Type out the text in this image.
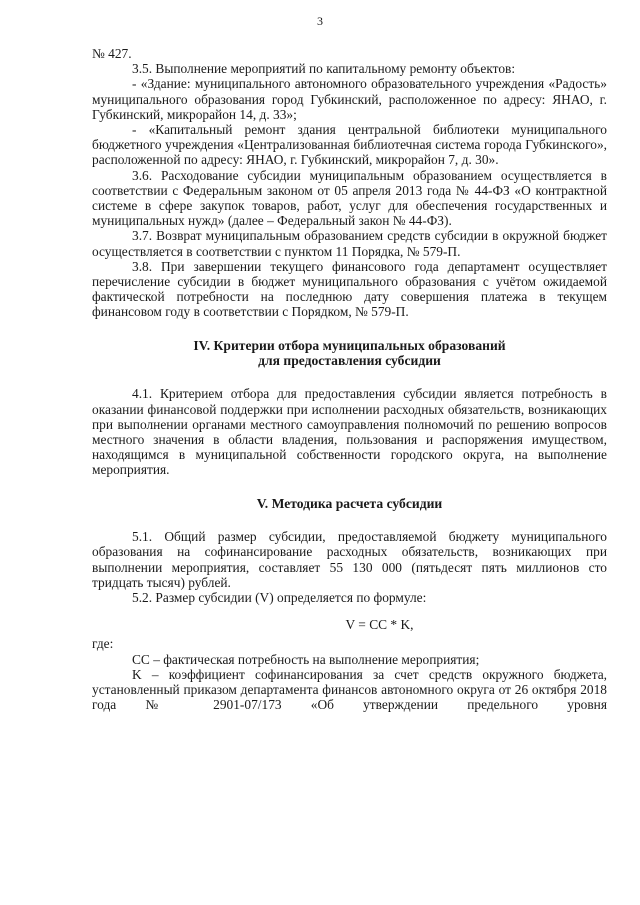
3

№ 427.

3.5. Выполнение мероприятий по капитальному ремонту объектов:

- «Здание: муниципального автономного образовательного учреждения «Радость» муниципального образования город Губкинский, расположенное по адресу: ЯНАО, г. Губкинский, микрорайон 14, д. 33»;

- «Капитальный ремонт здания центральной библиотеки муниципального бюджетного учреждения «Централизованная библиотечная система города Губкинского», расположенной по адресу: ЯНАО, г. Губкинский, микрорайон 7, д. 30».

3.6. Расходование субсидии муниципальным образованием осуществляется в соответствии с Федеральным законом от 05 апреля 2013 года № 44-ФЗ «О контрактной системе в сфере закупок товаров, работ, услуг для обеспечения государственных и муниципальных нужд» (далее – Федеральный закон № 44-ФЗ).

3.7. Возврат муниципальным образованием средств субсидии в окружной бюджет осуществляется в соответствии с пунктом 11 Порядка, № 579-П.

3.8. При завершении текущего финансового года департамент осуществляет перечисление субсидии в бюджет муниципального образования с учётом ожидаемой фактической потребности на последнюю дату совершения платежа в текущем финансовом году в соответствии с Порядком, № 579-П.

IV. Критерии отбора муниципальных образований

для предоставления субсидии

4.1. Критерием отбора для предоставления субсидии является потребность в оказании финансовой поддержки при исполнении расходных обязательств, возникающих при выполнении органами местного самоуправления полномочий по решению вопросов местного значения в области владения, пользования и распоряжения имуществом, находящимся в муниципальной собственности городского округа, на выполнение мероприятия.

V. Методика расчета субсидии

5.1. Общий размер субсидии, предоставляемой бюджету муниципального образования на софинансирование расходных обязательств, возникающих при выполнении мероприятия, составляет 55 130 000 (пятьдесят пять миллионов сто тридцать тысяч) рублей.

5.2. Размер субсидии (V) определяется по формуле:

V = CC * K,

где:

CC – фактическая потребность на выполнение мероприятия;

K – коэффициент софинансирования за счет средств окружного бюджета, установленный приказом департамента финансов автономного округа от 26 октября 2018 года № 2901-07/173 «Об утверждении предельного уровня
